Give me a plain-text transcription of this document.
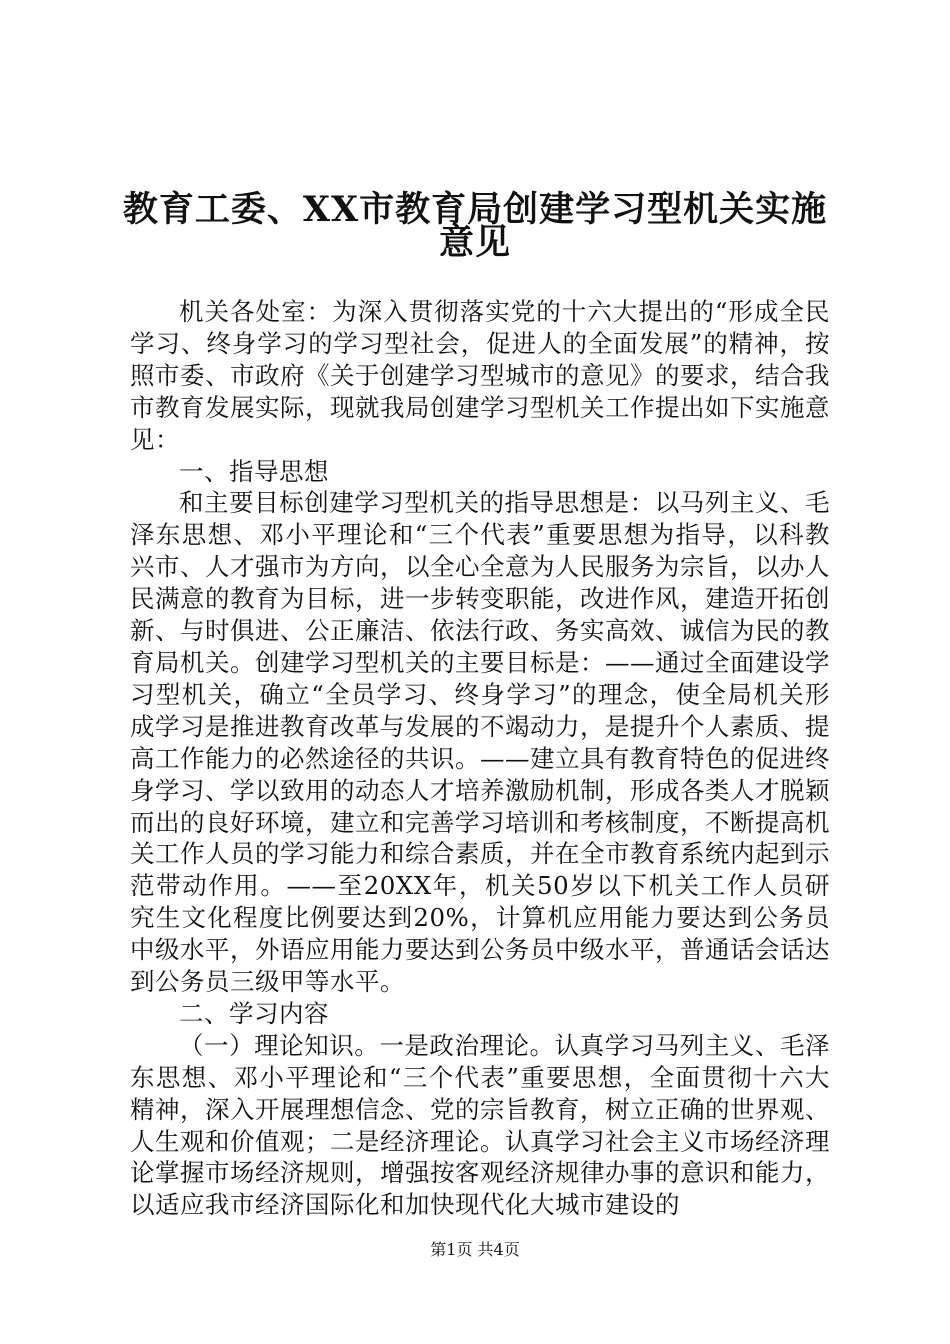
教育工委、XX市教育局创建学习型机关实施
意见

机关各处室：为深入贯彻落实党的十六大提出的“形成全民学习、终身学习的学习型社会，促进人的全面发展”的精神，按照市委、市政府《关于创建学习型城市的意见》的要求，结合我市教育发展实际，现就我局创建学习型机关工作提出如下实施意见：

一、指导思想

和主要目标创建学习型机关的指导思想是：以马列主义、毛泽东思想、邓小平理论和“三个代表”重要思想为指导，以科教兴市、人才强市为方向，以全心全意为人民服务为宗旨，以办人民满意的教育为目标，进一步转变职能，改进作风，建造开拓创新、与时俱进、公正廉洁、依法行政、务实高效、诚信为民的教育局机关。创建学习型机关的主要目标是：——通过全面建设学习型机关，确立“全员学习、终身学习”的理念，使全局机关形成学习是推进教育改革与发展的不竭动力，是提升个人素质、提高工作能力的必然途径的共识。——建立具有教育特色的促进终身学习、学以致用的动态人才培养激励机制，形成各类人才脱颖而出的良好环境，建立和完善学习培训和考核制度，不断提高机关工作人员的学习能力和综合素质，并在全市教育系统内起到示范带动作用。——至20XX年，机关50岁以下机关工作人员研究生文化程度比例要达到20%，计算机应用能力要达到公务员中级水平，外语应用能力要达到公务员中级水平，普通话会话达到公务员三级甲等水平。

二、学习内容

（一）理论知识。一是政治理论。认真学习马列主义、毛泽东思想、邓小平理论和“三个代表”重要思想，全面贯彻十六大精神，深入开展理想信念、党的宗旨教育，树立正确的世界观、人生观和价值观；二是经济理论。认真学习社会主义市场经济理论掌握市场经济规则，增强按客观经济规律办事的意识和能力，以适应我市经济国际化和加快现代化大城市建设的

第1页 共4页
